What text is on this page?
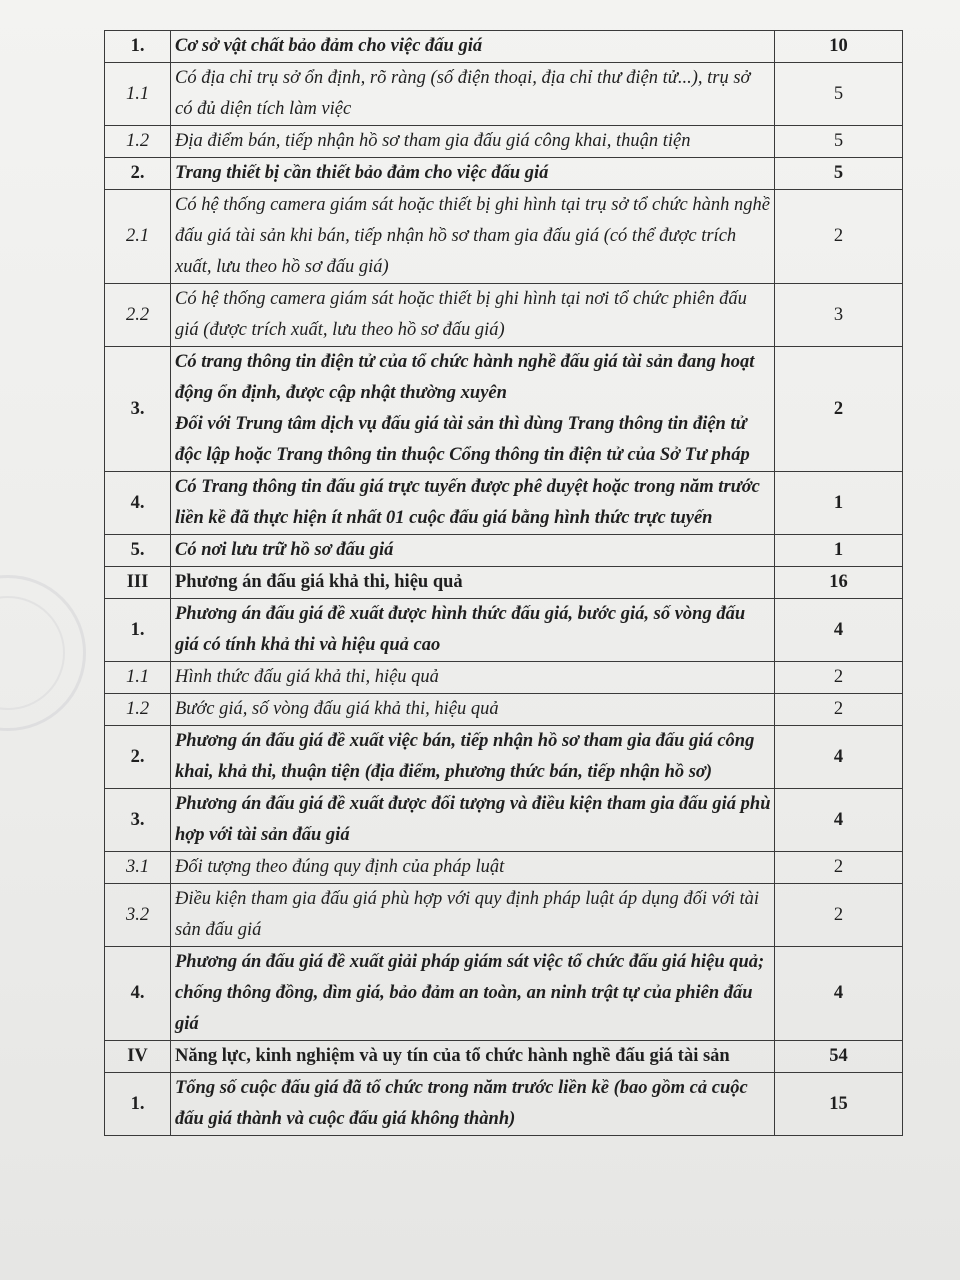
1.	Cơ sở vật chất bảo đảm cho việc đấu giá	10
1.1	Có địa chỉ trụ sở ổn định, rõ ràng (số điện thoại, địa chỉ thư điện tử...), trụ sở có đủ diện tích làm việc	5
1.2	Địa điểm bán, tiếp nhận hồ sơ tham gia đấu giá công khai, thuận tiện	5
2.	Trang thiết bị cần thiết bảo đảm cho việc đấu giá	5
2.1	Có hệ thống camera giám sát hoặc thiết bị ghi hình tại trụ sở tổ chức hành nghề đấu giá tài sản khi bán, tiếp nhận hồ sơ tham gia đấu giá (có thể được trích xuất, lưu theo hồ sơ đấu giá)	2
2.2	Có hệ thống camera giám sát hoặc thiết bị ghi hình tại nơi tổ chức phiên đấu giá (được trích xuất, lưu theo hồ sơ đấu giá)	3
3.	Có trang thông tin điện tử của tổ chức hành nghề đấu giá tài sản đang hoạt động ổn định, được cập nhật thường xuyên
Đối với Trung tâm dịch vụ đấu giá tài sản thì dùng Trang thông tin điện tử độc lập hoặc Trang thông tin thuộc Cổng thông tin điện tử của Sở Tư pháp	2
4.	Có Trang thông tin đấu giá trực tuyến được phê duyệt hoặc trong năm trước liền kề đã thực hiện ít nhất 01 cuộc đấu giá bằng hình thức trực tuyến	1
5.	Có nơi lưu trữ hồ sơ đấu giá	1
III	Phương án đấu giá khả thi, hiệu quả	16
1.	Phương án đấu giá đề xuất được hình thức đấu giá, bước giá, số vòng đấu giá có tính khả thi và hiệu quả cao	4
1.1	Hình thức đấu giá khả thi, hiệu quả	2
1.2	Bước giá, số vòng đấu giá khả thi, hiệu quả	2
2.	Phương án đấu giá đề xuất việc bán, tiếp nhận hồ sơ tham gia đấu giá công khai, khả thi, thuận tiện (địa điểm, phương thức bán, tiếp nhận hồ sơ)	4
3.	Phương án đấu giá đề xuất được đối tượng và điều kiện tham gia đấu giá phù hợp với tài sản đấu giá	4
3.1	Đối tượng theo đúng quy định của pháp luật	2
3.2	Điều kiện tham gia đấu giá phù hợp với quy định pháp luật áp dụng đối với tài sản đấu giá	2
4.	Phương án đấu giá đề xuất giải pháp giám sát việc tổ chức đấu giá hiệu quả; chống thông đồng, dìm giá, bảo đảm an toàn, an ninh trật tự của phiên đấu giá	4
IV	Năng lực, kinh nghiệm và uy tín của tổ chức hành nghề đấu giá tài sản	54
1.	Tổng số cuộc đấu giá đã tổ chức trong năm trước liền kề (bao gồm cả cuộc đấu giá thành và cuộc đấu giá không thành)	15
